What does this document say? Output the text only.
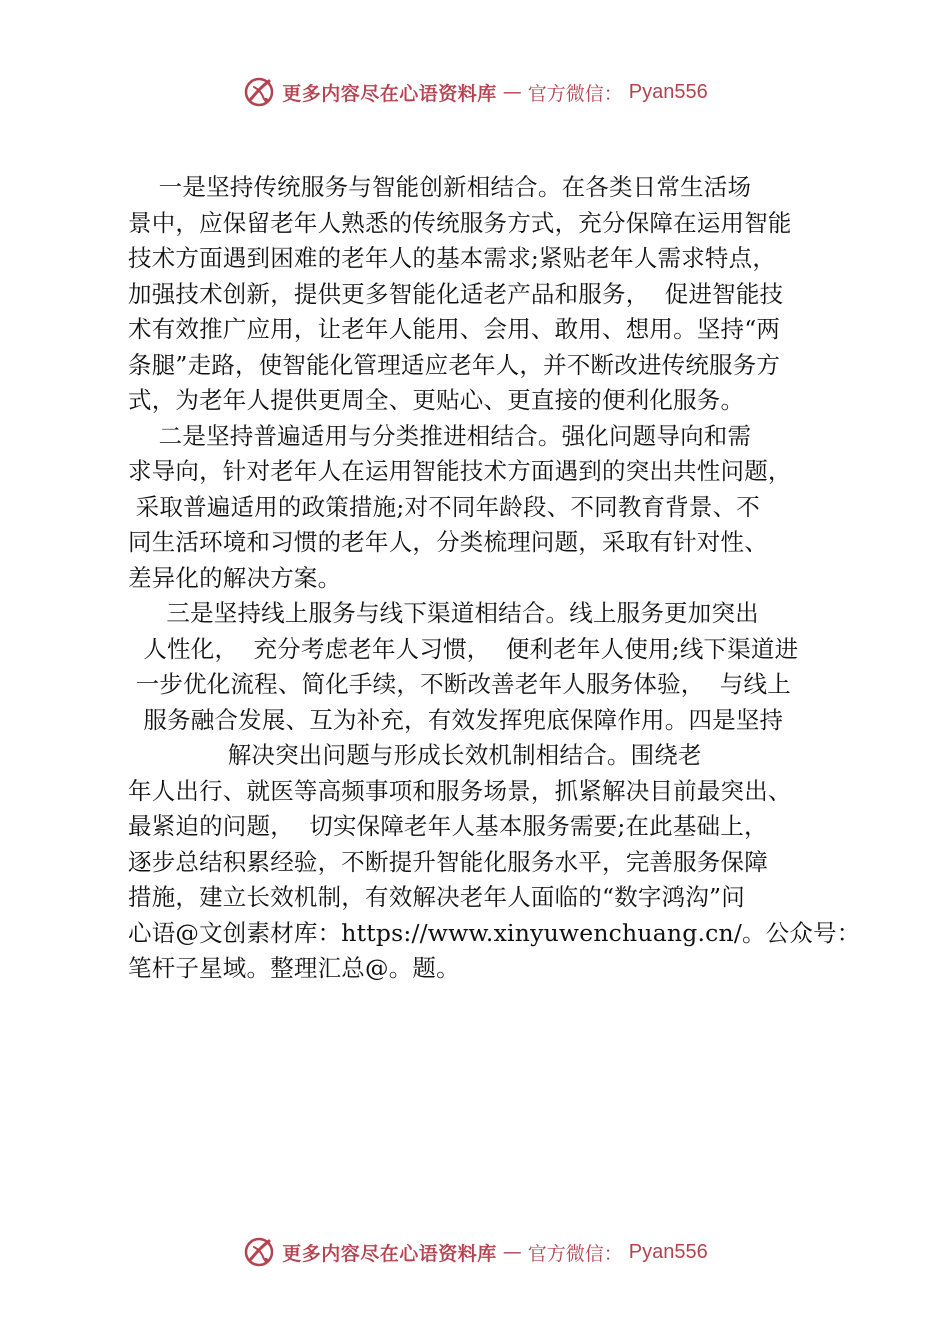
更多内容尽在心语资料库 — 官方微信： Pyan556
一是坚持传统服务与智能创新相结合。在各类日常生活场
景中，应保留老年人熟悉的传统服务方式，充分保障在运用智能
技术方面遇到困难的老年人的基本需求;紧贴老年人需求特点，
加强技术创新，提供更多智能化适老产品和服务，  促进智能技
术有效推广应用，让老年人能用、会用、敢用、想用。坚持“两
条腿”走路，使智能化管理适应老年人，并不断改进传统服务方
式，为老年人提供更周全、更贴心、更直接的便利化服务。
二是坚持普遍适用与分类推进相结合。强化问题导向和需
求导向，针对老年人在运用智能技术方面遇到的突出共性问题，
采取普遍适用的政策措施;对不同年龄段、不同教育背景、不
同生活环境和习惯的老年人，分类梳理问题，采取有针对性、
差异化的解决方案。
三是坚持线上服务与线下渠道相结合。线上服务更加突出
人性化，  充分考虑老年人习惯，  便利老年人使用;线下渠道进
一步优化流程、简化手续，不断改善老年人服务体验，  与线上
服务融合发展、互为补充，有效发挥兜底保障作用。四是坚持
解决突出问题与形成长效机制相结合。围绕老
年人出行、就医等高频事项和服务场景，抓紧解决目前最突出、
最紧迫的问题，  切实保障老年人基本服务需要;在此基础上，
逐步总结积累经验，不断提升智能化服务水平，完善服务保障
措施，建立长效机制，有效解决老年人面临的“数字鸿沟”问
心语@文创素材库：https://www.xinyuwenchuang.cn/。公众号：
笔杆子星域。整理汇总@。题。
更多内容尽在心语资料库 — 官方微信： Pyan556
